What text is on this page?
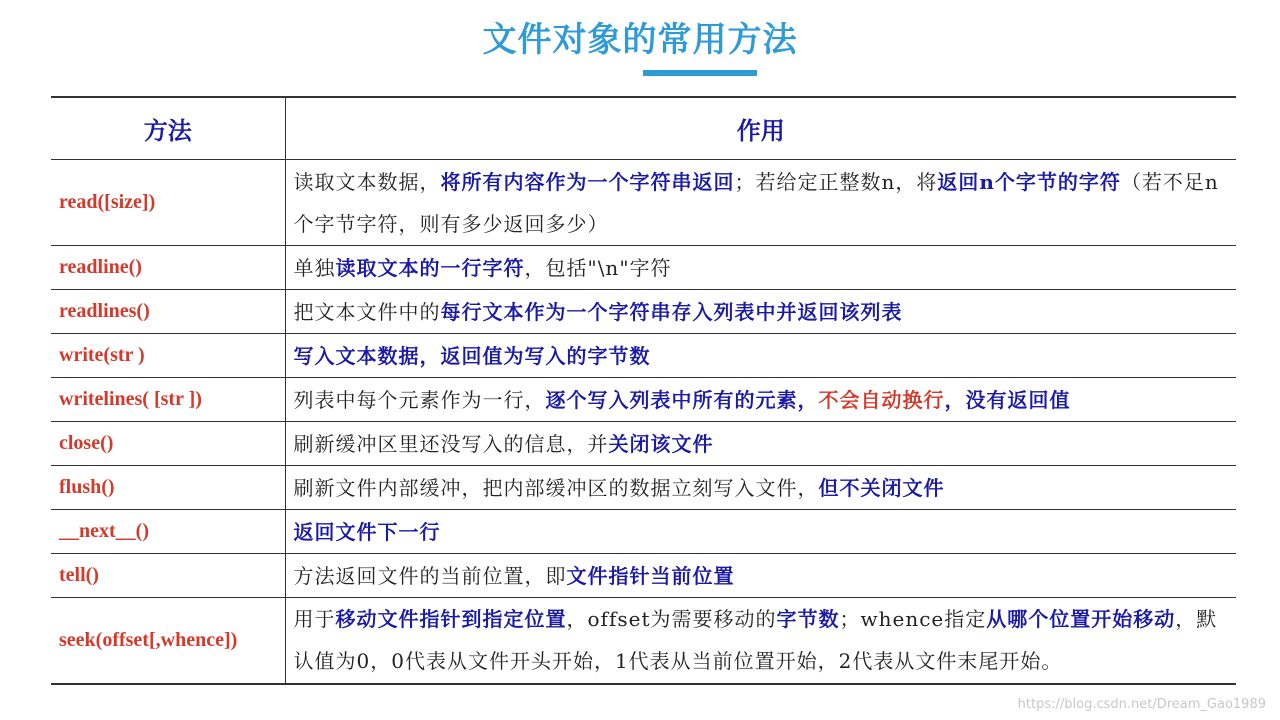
文件对象的常用方法
方法	作用
read([size])	读取文本数据，将所有内容作为一个字符串返回；若给定正整数n，将返回n个字节的字符（若不足n个字节字符，则有多少返回多少）
readline()	单独读取文本的一行字符，包括"\n"字符
readlines()	把文本文件中的每行文本作为一个字符串存入列表中并返回该列表
write(str )	写入文本数据，返回值为写入的字节数
writelines( [str ])	列表中每个元素作为一行，逐个写入列表中所有的元素，不会自动换行，没有返回值
close()	刷新缓冲区里还没写入的信息，并关闭该文件
flush()	刷新文件内部缓冲，把内部缓冲区的数据立刻写入文件，但不关闭文件
__next__()	返回文件下一行
tell()	方法返回文件的当前位置，即文件指针当前位置
seek(offset[,whence])	用于移动文件指针到指定位置，offset为需要移动的字节数；whence指定从哪个位置开始移动，默认值为0，0代表从文件开头开始，1代表从当前位置开始，2代表从文件末尾开始。
https://blog.csdn.net/Dream_Gao1989
